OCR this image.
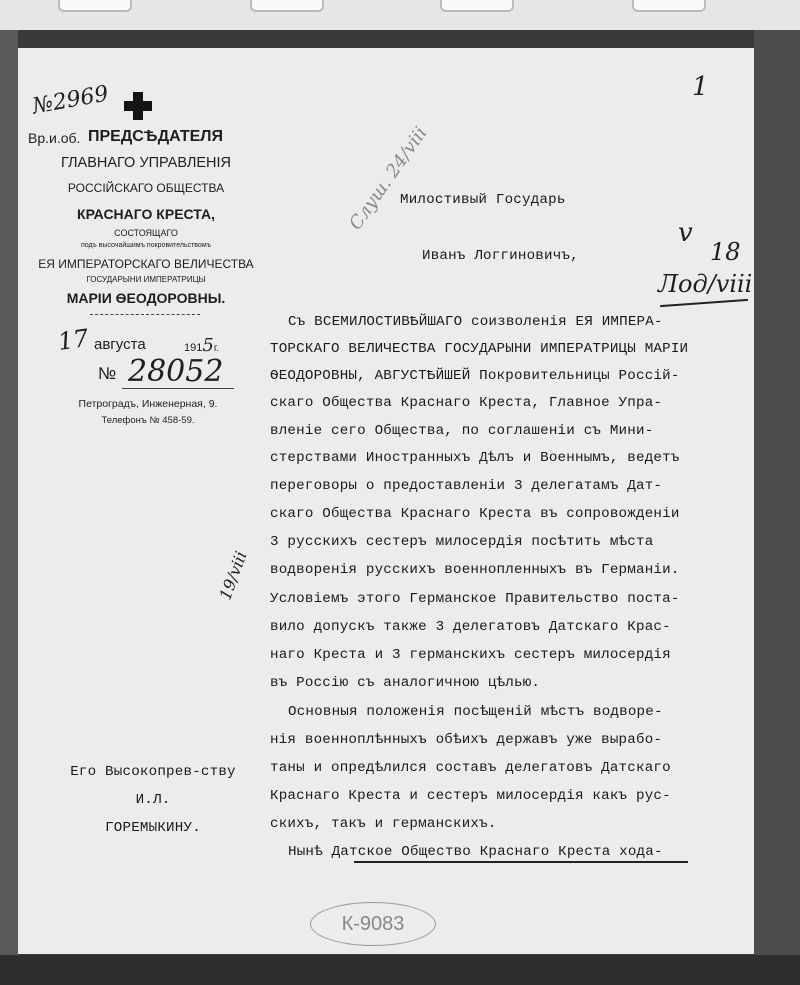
№2969	1
Вр.и.об. ПРЕДСѢДАТЕЛЯ
ГЛАВНАГО УПРАВЛЕНІЯ
РОССІЙСКАГО ОБЩЕСТВА
КРАСНАГО КРЕСТА,
СОСТОЯЩАГО
подъ высочайшимъ покровительствомъ
ЕЯ ИМПЕРАТОРСКАГО ВЕЛИЧЕСТВА
ГОСУДАРЫНИ ИМПЕРАТРИЦЫ
МАРІИ ѲЕОДОРОВНЫ.
17 августа	1915г.
№ 28052
Петроградъ, Инженерная, 9.
Телефонъ № 458-59.
Слуш. 24/viii
19/viii
v
18
Лод/viii
Милостивый Государь
Иванъ Логгиновичъ,
Съ ВСЕМИЛОСТИВѢЙШАГО соизволенія ЕЯ ИМПЕРА-
ТОРСКАГО ВЕЛИЧЕСТВА ГОСУДАРЫНИ ИМПЕРАТРИЦЫ МАРІИ
ѲЕОДОРОВНЫ, АВГУСТѢЙШЕЙ Покровительницы Россій-
скаго Общества Краснаго Креста, Главное Упра-
вленіе сего Общества, по соглашеніи съ Мини-
стерствами Иностранныхъ Дѣлъ и Военнымъ, ведетъ
переговоры о предоставленіи 3 делегатамъ Дат-
скаго Общества Краснаго Креста въ сопровожденіи
3 русскихъ сестеръ милосердія посѣтить мѣста
водворенія русскихъ военнопленныхъ въ Германіи.
Условіемъ этого Германское Правительство поста-
вило допускъ также 3 делегатовъ Датскаго Крас-
наго Креста и 3 германскихъ сестеръ милосердія
въ Россію съ аналогичною цѣлью.
Основныя положенія посѣщеній мѣстъ водворе-
нія военноплѣнныхъ обѣихъ державъ уже вырабо-
таны и опредѣлился составъ делегатовъ Датскаго
Краснаго Креста и сестеръ милосердія какъ рус-
скихъ, такъ и германскихъ.
Нынѣ Датское Общество Краснаго Креста хода-
Его Высокопрев-ству
И.Л.
ГОРЕМЫКИНУ.
К-9083
